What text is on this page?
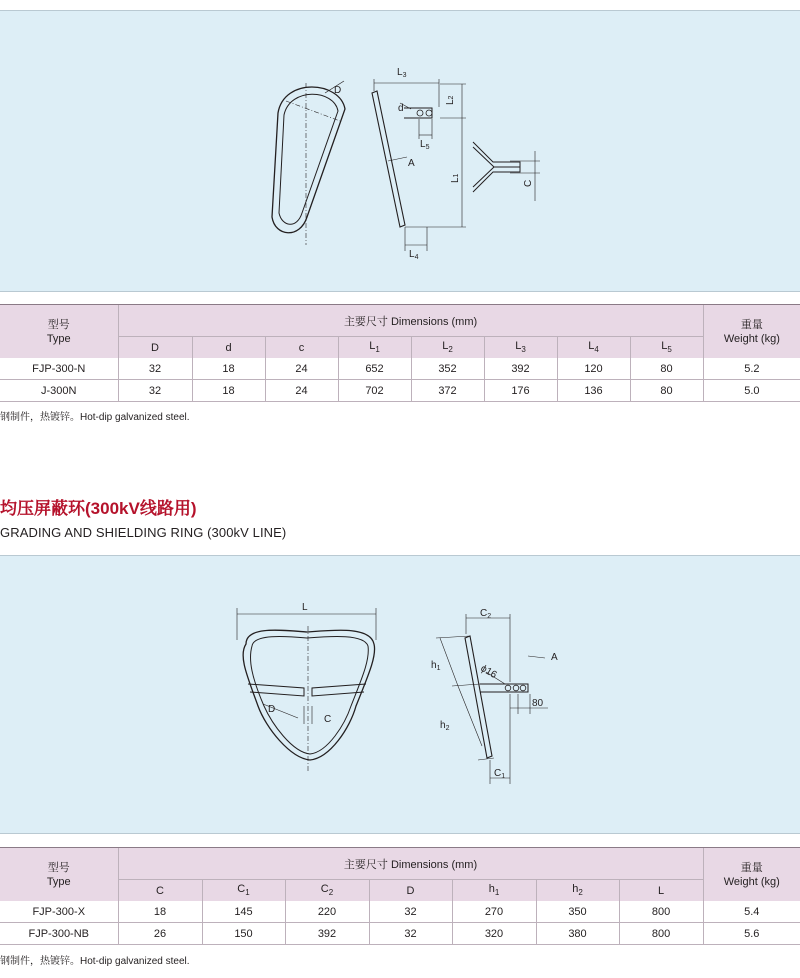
D
d
A
$L_3$
L2
L1
$L_5$
$L_4$
C
型号
Type	主要尺寸 Dimensions (mm)								重量
Weight (kg)
	D	d	c	$L_1$	$L_2$	$L_3$	$L_4$	$L_5$
FJP-300-N	32	18	24	652	352	392	120	80	5.2
J-300N	32	18	24	702	372	176	136	80	5.0
钢制件，热镀锌。Hot-dip galvanized steel.
均压屏蔽环(300kV线路用)
GRADING AND SHIELDING RING (300kV LINE)
L
D
C
$C_2$
$h_1$
$h_2$
$C_1$
ϕ16
A
80
型号
Type	主要尺寸 Dimensions (mm)							重量
Weight (kg)
	C	$C_1$	$C_2$	D	$h_1$	$h_2$	L	
FJP-300-X	18	145	220	32	270	350	800	5.4
FJP-300-NB	26	150	392	32	320	380	800	5.6
钢制件，热镀锌。Hot-dip galvanized steel.
